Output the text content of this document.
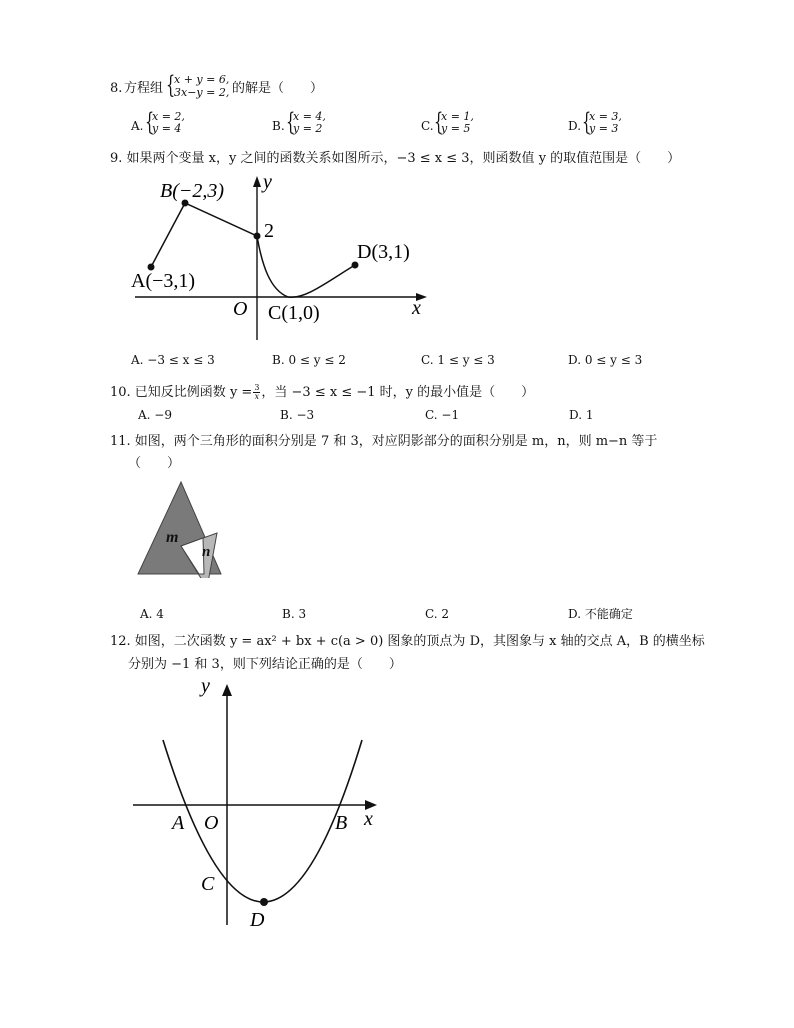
8. 方程组 {
x + y = 6,
3x−y = 2, 的解是（　　）
A. {
x = 2,
y = 4	B. {
x = 4,
y = 2	C. {
x = 1,
y = 5	D. {
x = 3,
y = 3
9. 如果两个变量 x，y 之间的函数关系如图所示，−3 ≤ x ≤ 3，则函数值 y 的取值范围是（　　）
B(−2,3)
A(−3,1)
2
D(3,1)
O C(1,0)	x
y
A. −3 ≤ x ≤ 3	B. 0 ≤ y ≤ 2	C. 1 ≤ y ≤ 3	D. 0 ≤ y ≤ 3
10. 已知反比例函数 $y = \frac{3}{x}$ ，当 −3 ≤ x ≤ −1 时，y 的最小值是（　　）
A. −9	B. −3	C. −1	D. 1
11. 如图，两个三角形的面积分别是 7 和 3，对应阴影部分的面积分别是 m，n，则 m−n 等于
（　　）
m
n
A. 4	B. 3	C. 2	D. 不能确定
12. 如图，二次函数 y = ax² + bx + c(a > 0) 图象的顶点为 D，其图象与 x 轴的交点 A，B 的横坐标
分别为 −1 和 3，则下列结论正确的是（　　）
y
A O	B x
C
D
